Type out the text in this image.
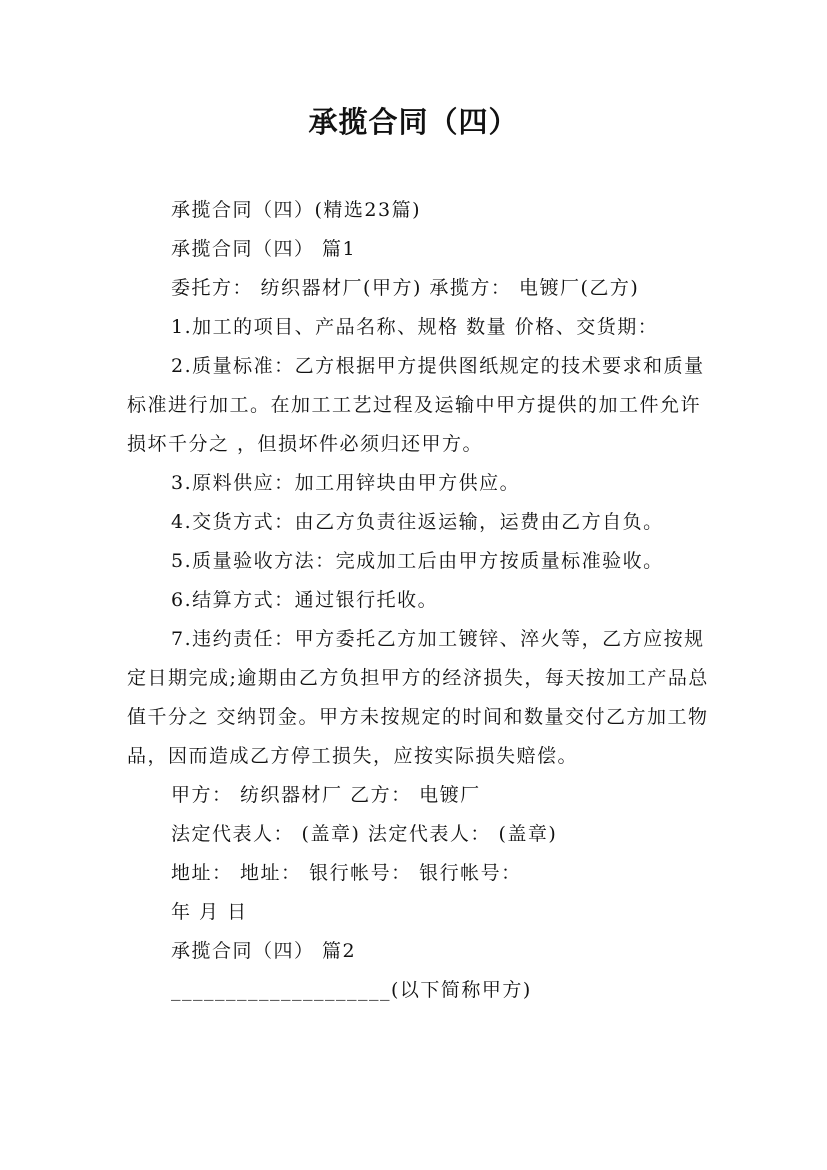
承揽合同（四）

承揽合同（四）(精选23篇)

承揽合同（四） 篇1

委托方： 纺织器材厂(甲方) 承揽方： 电镀厂(乙方)

1.加工的项目、产品名称、规格 数量 价格、交货期：

2.质量标准：乙方根据甲方提供图纸规定的技术要求和质量标准进行加工。在加工工艺过程及运输中甲方提供的加工件允许损坏千分之 ，但损坏件必须归还甲方。

3.原料供应：加工用锌块由甲方供应。

4.交货方式：由乙方负责往返运输，运费由乙方自负。

5.质量验收方法：完成加工后由甲方按质量标准验收。

6.结算方式：通过银行托收。

7.违约责任：甲方委托乙方加工镀锌、淬火等，乙方应按规定日期完成;逾期由乙方负担甲方的经济损失，每天按加工产品总值千分之 交纳罚金。甲方未按规定的时间和数量交付乙方加工物品，因而造成乙方停工损失，应按实际损失赔偿。

甲方： 纺织器材厂 乙方： 电镀厂

法定代表人： (盖章) 法定代表人： (盖章)

地址： 地址： 银行帐号： 银行帐号：

年 月 日

承揽合同（四） 篇2

____________________(以下简称甲方)
